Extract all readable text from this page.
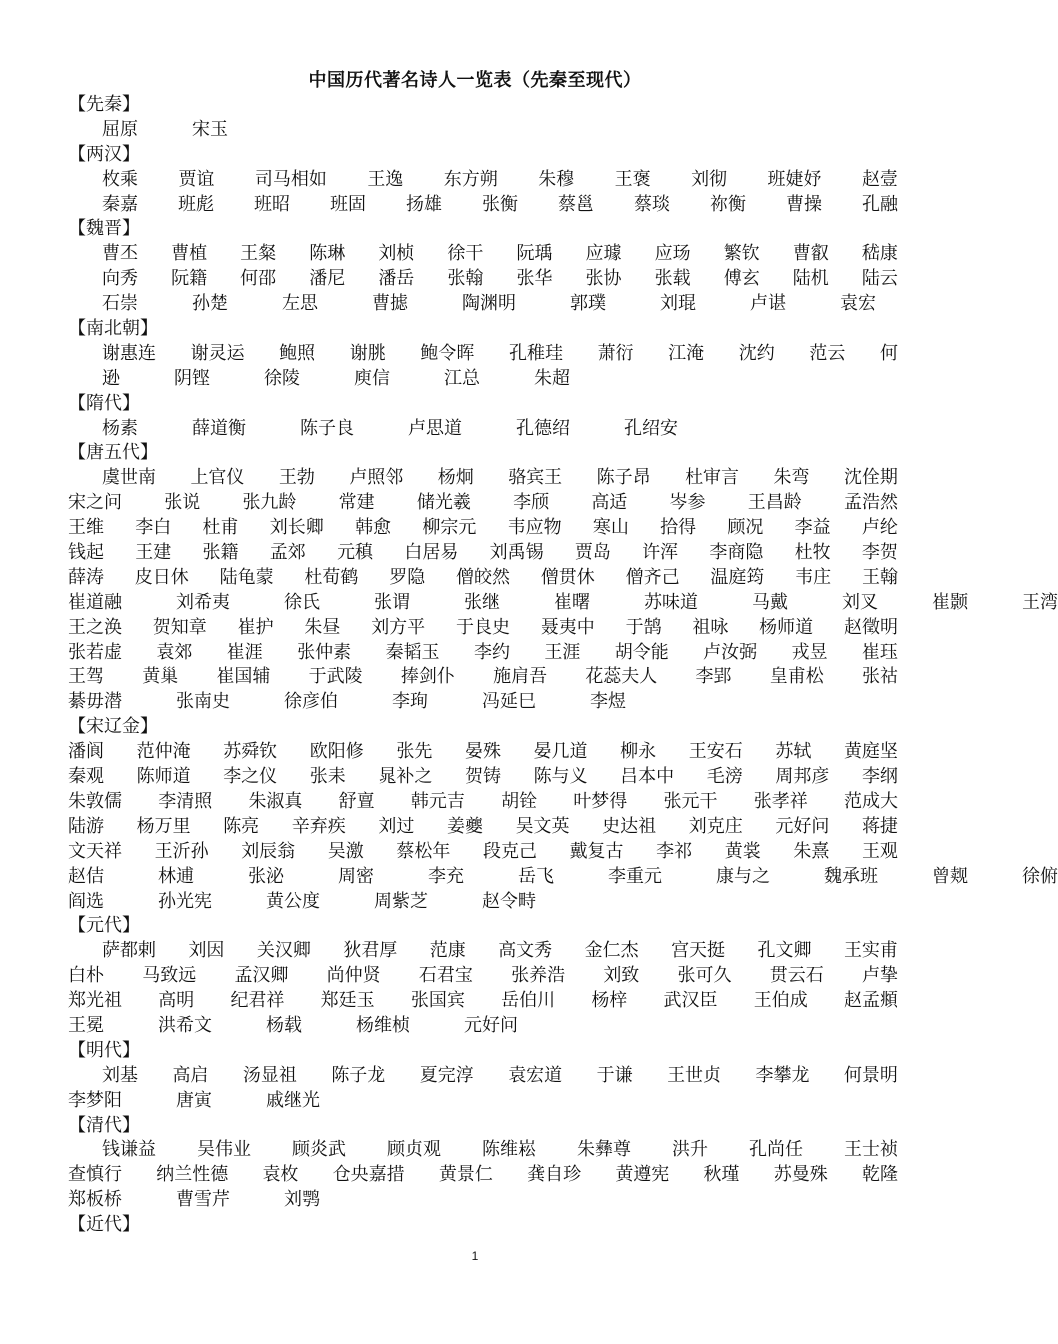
中国历代著名诗人一览表（先秦至现代）
【先秦】
屈原	宋玉
【两汉】
枚乘 贾谊 司马相如 王逸 东方朔 朱穆 王褒 刘彻 班婕妤 赵壹
秦嘉 班彪 班昭 班固 扬雄 张衡 蔡邕 蔡琰 祢衡 曹操 孔融
【魏晋】
曹丕 曹植 王粲 陈琳 刘桢 徐干 阮瑀 应璩 应玚 繁钦 曹叡 嵇康
向秀 阮籍 何邵 潘尼 潘岳 张翰 张华 张协 张载 傅玄 陆机 陆云
石崇	孙楚	左思	曹摅	陶渊明	郭璞	刘琨	卢谌	袁宏
【南北朝】
谢惠连 谢灵运 鲍照 谢朓 鲍令晖 孔稚珪 萧衍 江淹 沈约 范云 何
逊	阴铿	徐陵	庾信	江总	朱超
【隋代】
杨素	薛道衡	陈子良	卢思道	孔德绍	孔绍安
【唐五代】
虞世南 上官仪 王勃 卢照邻 杨炯 骆宾王 陈子昂 杜审言 朱弯 沈佺期
宋之问 张说 张九龄 常建 储光羲 李颀 高适 岑参 王昌龄 孟浩然
王维 李白 杜甫 刘长卿 韩愈 柳宗元 韦应物 寒山 拾得 顾况 李益 卢纶
钱起 王建 张籍 孟郊 元稹 白居易 刘禹锡 贾岛 许浑 李商隐 杜牧 李贺
薛涛 皮日休 陆龟蒙 杜荀鹤 罗隐 僧皎然 僧贯休 僧齐己 温庭筠 韦庄 王翰
崔道融	刘希夷	徐氏	张谓	张继	崔曙	苏味道	马戴	刘叉	崔颢	王湾
王之涣 贺知章 崔护 朱昼 刘方平 于良史 聂夷中 于鹄 祖咏 杨师道 赵徵明
张若虚 袁郊 崔涯 张仲素 秦韬玉 李约 王涯 胡令能 卢汝弼 戎昱 崔珏
王驾 黄巢 崔国辅 于武陵 捧剑仆 施肩吾 花蕊夫人 李郢 皇甫松 张祜
綦毋潜	张南史	徐彦伯	李珣	冯延巳	李煜
【宋辽金】
潘阆 范仲淹 苏舜钦 欧阳修 张先 晏殊 晏几道 柳永 王安石 苏轼 黄庭坚
秦观 陈师道 李之仪 张耒 晁补之 贺铸 陈与义 吕本中 毛滂 周邦彦 李纲
朱敦儒 李清照 朱淑真 舒亶 韩元吉 胡铨 叶梦得 张元干 张孝祥 范成大
陆游 杨万里 陈亮 辛弃疾 刘过 姜夔 吴文英 史达祖 刘克庄 元好问 蒋捷
文天祥 王沂孙 刘辰翁 吴激 蔡松年 段克己 戴复古 李祁 黄裳 朱熹 王观
赵佶	林逋	张泌	周密	李充	岳飞	李重元	康与之	魏承班	曾觌	徐俯
阎选	孙光宪	黄公度	周紫芝	赵令畤
【元代】
萨都剌 刘因 关汉卿 狄君厚 范康 高文秀 金仁杰 宫天挺 孔文卿 王实甫
白朴 马致远 孟汉卿 尚仲贤 石君宝 张养浩 刘致 张可久 贯云石 卢挚
郑光祖 高明 纪君祥 郑廷玉 张国宾 岳伯川 杨梓 武汉臣 王伯成 赵孟頫
王冕	洪希文	杨载	杨维桢	元好问
【明代】
刘基 高启 汤显祖 陈子龙 夏完淳 袁宏道 于谦 王世贞 李攀龙 何景明
李梦阳	唐寅	戚继光
【清代】
钱谦益 吴伟业 顾炎武 顾贞观 陈维崧 朱彝尊 洪升 孔尚任 王士祯
查慎行 纳兰性德 袁枚 仓央嘉措 黄景仁 龚自珍 黄遵宪 秋瑾 苏曼殊 乾隆
郑板桥	曹雪芹	刘鹗
【近代】
1
